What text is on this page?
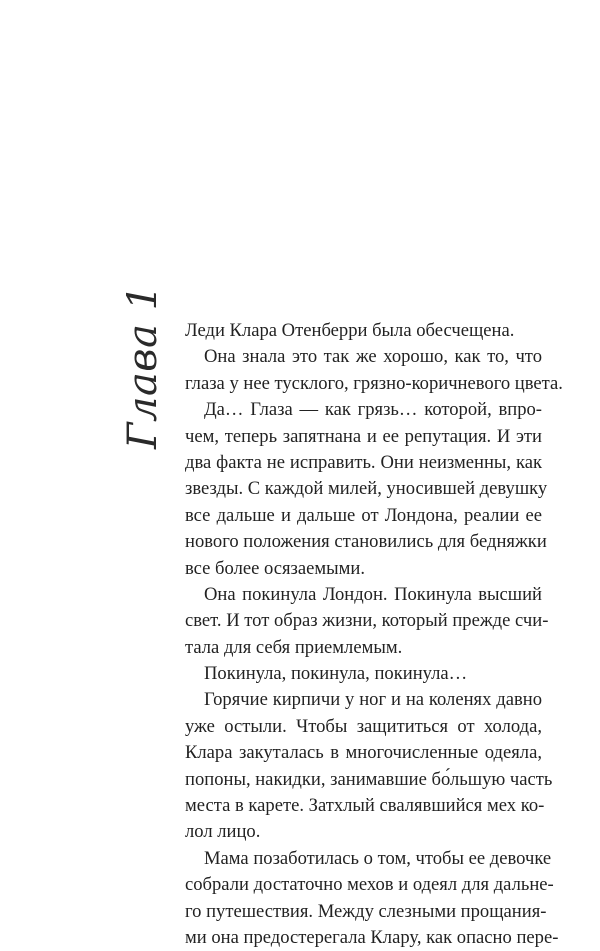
Глава 1 Леди Клара Отенберри была обесчещена.
Она знала это так же хорошо, как то, что
глаза у нее тусклого, грязно-коричневого цвета.
Да… Глаза — как грязь… которой, впро-
чем, теперь запятнана и ее репутация. И эти
два факта не исправить. Они неизменны, как
звезды. С каждой милей, уносившей девушку
все дальше и дальше от Лондона, реалии ее
нового положения становились для бедняжки
все более осязаемыми.
Она покинула Лондон. Покинула высший
свет. И тот образ жизни, который прежде счи-
тала для себя приемлемым.
Покинула, покинула, покинула…
Горячие кирпичи у ног и на коленях давно
уже остыли. Чтобы защититься от холода,
Клара закуталась в многочисленные одеяла,
попоны, накидки, занимавшие бо́льшую часть
места в карете. Затхлый свалявшийся мех ко-
лол лицо.
Мама позаботилась о том, чтобы ее девочке
собрали достаточно мехов и одеял для дальне-
го путешествия. Между слезными прощания-
ми она предостерегала Клару, как опасно пере-
